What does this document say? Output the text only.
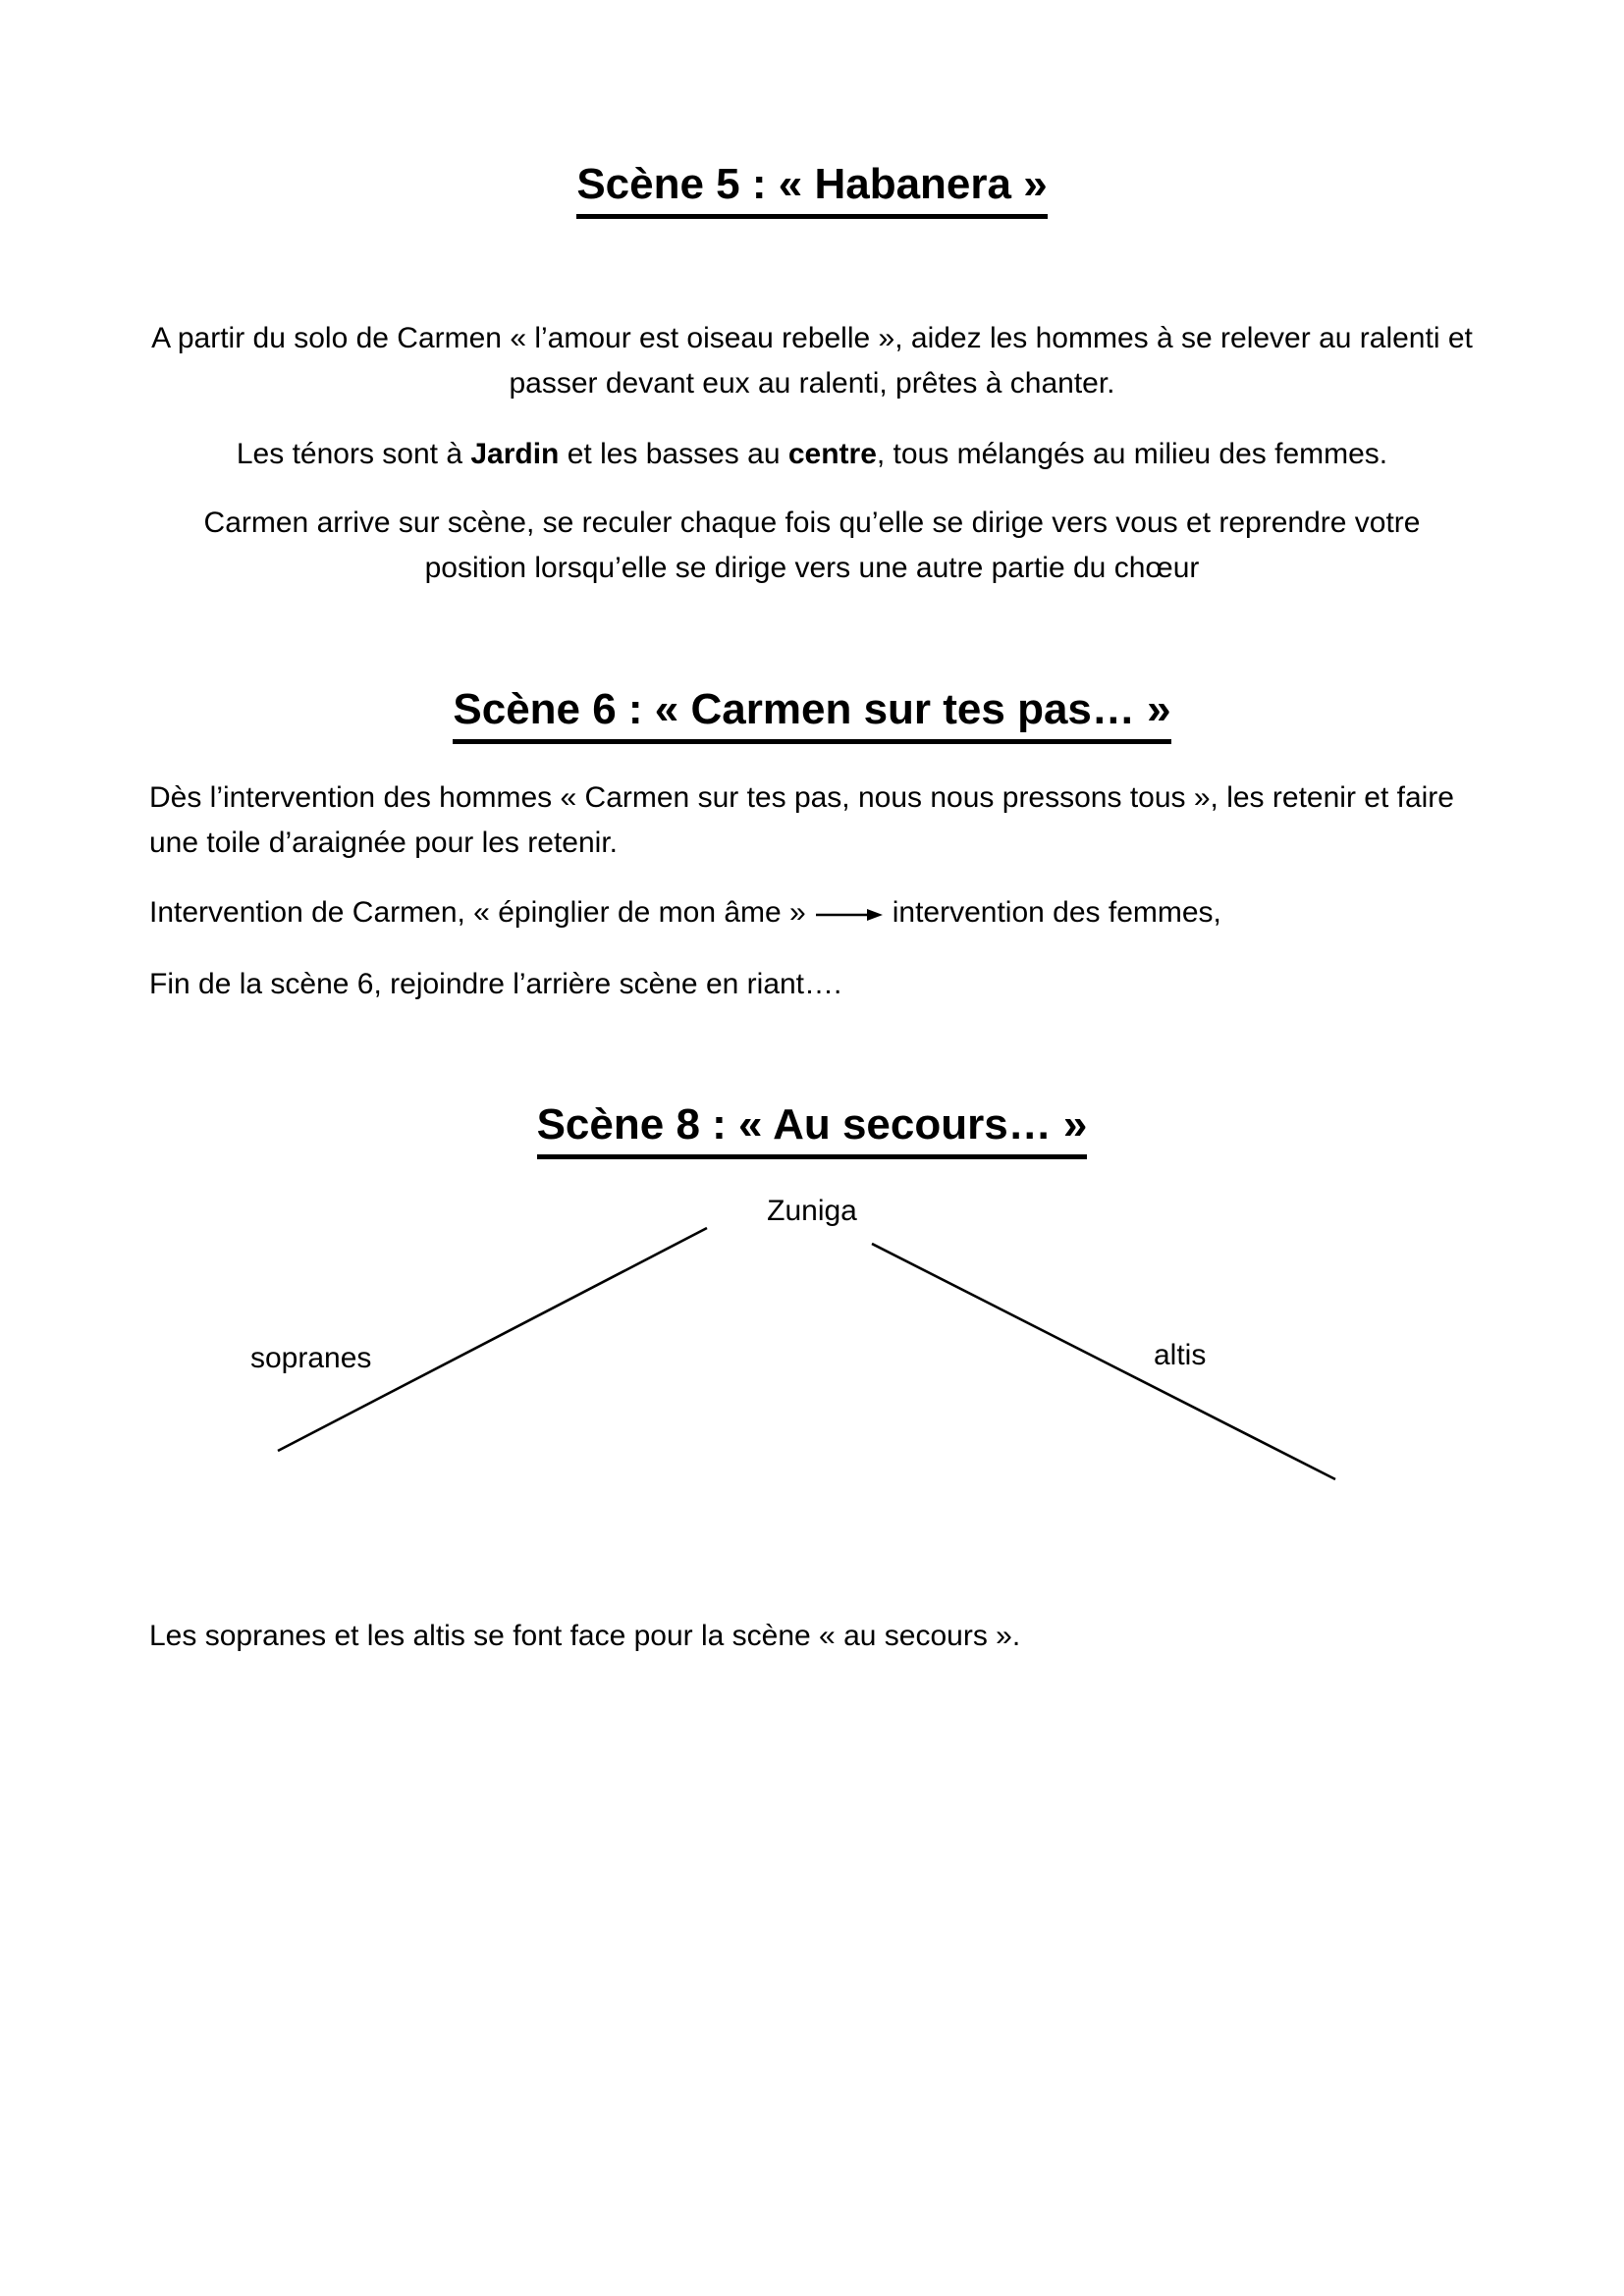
Scène 5 : « Habanera »

A partir du solo de Carmen « l’amour est oiseau rebelle », aidez les hommes à se relever au ralenti et passer devant eux au ralenti, prêtes à chanter.

Les ténors sont à Jardin et les basses au centre, tous mélangés au milieu des femmes.

Carmen arrive sur scène, se reculer chaque fois qu’elle se dirige vers vous et reprendre votre position lorsqu’elle se dirige vers une autre partie du chœur

Scène 6 : « Carmen sur tes pas… »

Dès l’intervention des hommes « Carmen sur tes pas, nous nous pressons tous », les retenir et faire une toile d’araignée pour les retenir.

Intervention de Carmen, « épinglier de mon âme »	intervention des femmes,

Fin de la scène 6, rejoindre l’arrière scène en riant….

Scène 8 : « Au secours… »
Zuniga
sopranes	altis

Les sopranes et les altis se font face pour la scène « au secours ».
